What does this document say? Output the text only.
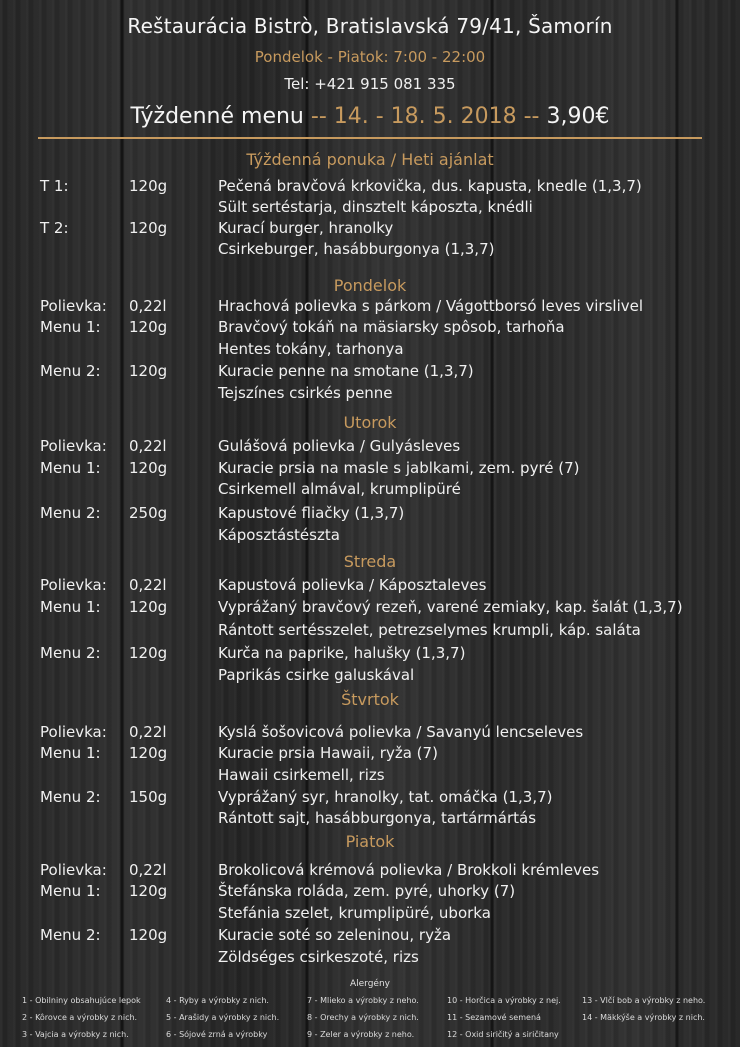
Reštaurácia Bistrò, Bratislavská 79/41, Šamorín
Pondelok - Piatok: 7:00 - 22:00
Tel: +421 915 081 335
Týždenné menu -- 14. - 18. 5. 2018 -- 3,90€
Týždenná ponuka / Heti ajánlat
T 1:	120g	Pečená bravčová krkovička, dus. kapusta, knedle (1,3,7)
Sült sertéstarja, dinsztelt káposzta, knédli
T 2:	120g	Kurací burger, hranolky
Csirkeburger, hasábburgonya (1,3,7)
Pondelok
Polievka: 0,22l	Hrachová polievka s párkom / Vágottborsó leves virslivel
Menu 1: 120g	Bravčový tokáň na mäsiarsky spôsob, tarhoňa
Hentes tokány, tarhonya
Menu 2: 120g	Kuracie penne na smotane (1,3,7)
Tejszínes csirkés penne
Utorok
Polievka: 0,22l	Gulášová polievka / Gulyásleves
Menu 1: 120g	Kuracie prsia na masle s jablkami, zem. pyré (7)
Csirkemell almával, krumplipüré
Menu 2: 250g	Kapustové fliačky (1,3,7)
Káposztástészta
Streda
Polievka: 0,22l	Kapustová polievka / Káposztaleves
Menu 1: 120g	Vyprážaný bravčový rezeň, varené zemiaky, kap. šalát (1,3,7)
Rántott sertésszelet, petrezselymes krumpli, káp. saláta
Menu 2: 120g	Kurča na paprike, halušky (1,3,7)
Paprikás csirke galuskával
Štvrtok
Polievka: 0,22l	Kyslá šošovicová polievka / Savanyú lencseleves
Menu 1: 120g	Kuracie prsia Hawaii, ryža (7)
Hawaii csirkemell, rizs
Menu 2: 150g	Vyprážaný syr, hranolky, tat. omáčka (1,3,7)
Rántott sajt, hasábburgonya, tartármártás
Piatok
Polievka: 0,22l	Brokolicová krémová polievka / Brokkoli krémleves
Menu 1: 120g	Štefánska roláda, zem. pyré, uhorky (7)
Stefánia szelet, krumplipüré, uborka
Menu 2: 120g	Kuracie soté so zeleninou, ryža
Zöldséges csirkeszoté, rizs
Alergény
1 - Obilniny obsahujúce lepok
2 - Kôrovce a výrobky z nich.
3 - Vajcia a výrobky z nich.
4 - Ryby a výrobky z nich.
5 - Arašidy a výrobky z nich.
6 - Sójové zrná a výrobky
7 - Mlieko a výrobky z neho.
8 - Orechy a výrobky z nich.
9 - Zeler a výrobky z neho.
10 - Horčica a výrobky z nej.
11 - Sezamové semená
12 - Oxid siričitý a siričitany
13 - Vlčí bob a výrobky z neho.
14 - Mäkkýše a výrobky z nich.
